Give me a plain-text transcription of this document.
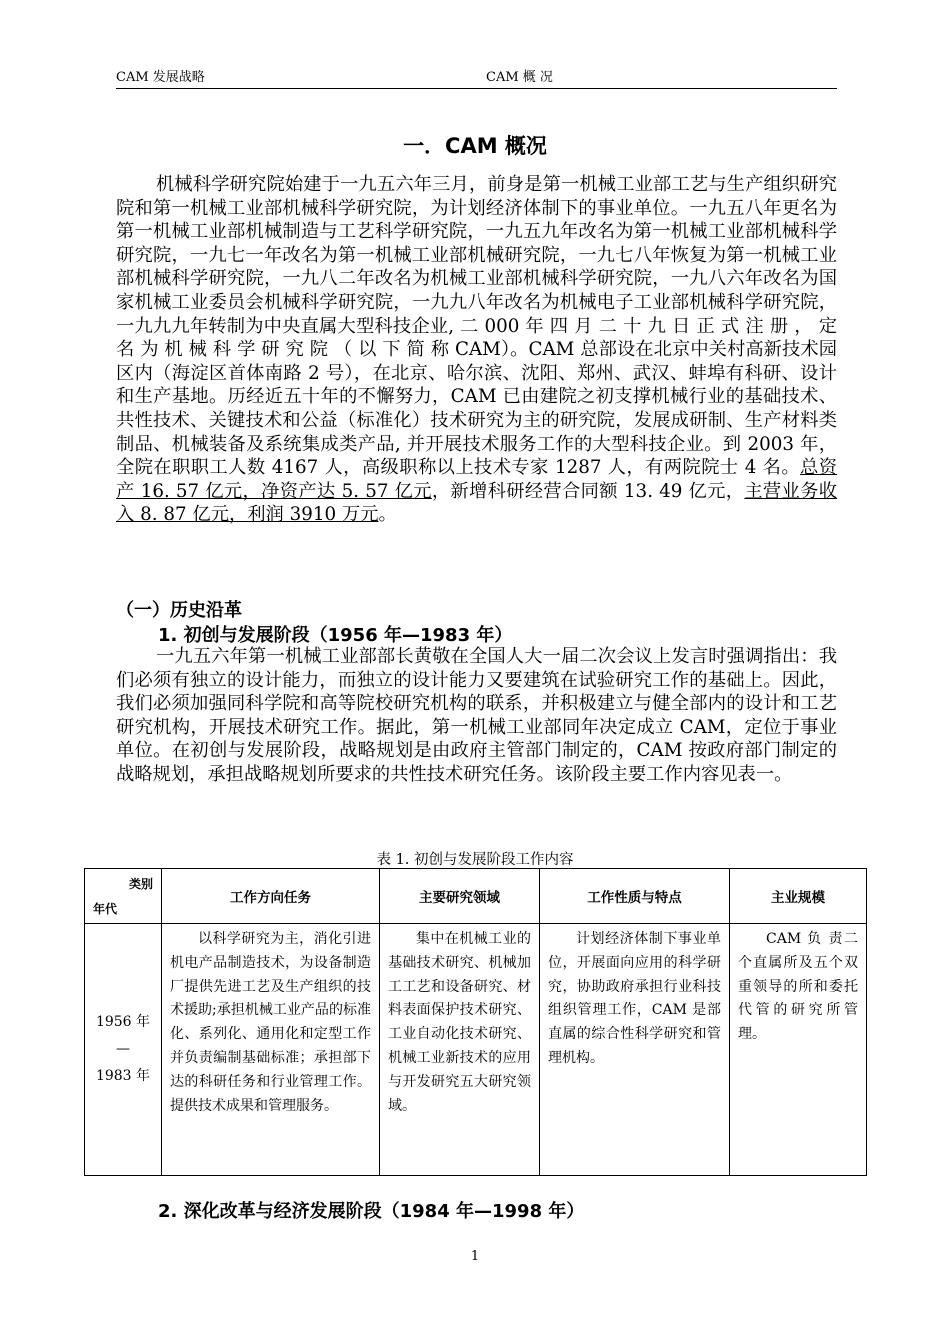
CAM 发展战略	CAM 概 况
一．CAM 概况
机械科学研究院始建于一九五六年三月，前身是第一机械工业部工艺与生产组织研究院和第一机械工业部机械科学研究院，为计划经济体制下的事业单位。一九五八年更名为第一机械工业部机械制造与工艺科学研究院，一九五九年改名为第一机械工业部机械科学研究院，一九七一年改名为第一机械工业部机械研究院，一九七八年恢复为第一机械工业部机械科学研究院，一九八二年改名为机械工业部机械科学研究院，一九八六年改名为国家机械工业委员会机械科学研究院，一九九八年改名为机械电子工业部机械科学研究院，一九九九年转制为中央直属大型科技企业, 二 000 年 四 月 二 十 九 日 正 式 注 册 ， 定 名 为 机 械 科 学 研 究 院 （ 以 下 简 称 CAM）。CAM 总部设在北京中关村高新技术园区内（海淀区首体南路 2 号），在北京、哈尔滨、沈阳、郑州、武汉、蚌埠有科研、设计和生产基地。历经近五十年的不懈努力，CAM 已由建院之初支撑机械行业的基础技术、共性技术、关键技术和公益（标准化）技术研究为主的研究院，发展成研制、生产材料类制品、机械装备及系统集成类产品, 并开展技术服务工作的大型科技企业。到 2003 年，全院在职职工人数 4167 人，高级职称以上技术专家 1287 人，有两院院士 4 名。总资产 16. 57 亿元，净资产达 5. 57 亿元，新增科研经营合同额 13. 49 亿元，主营业务收入 8. 87 亿元，利润 3910 万元。
（一）历史沿革
1. 初创与发展阶段（1956 年—1983 年）
一九五六年第一机械工业部部长黄敬在全国人大一届二次会议上发言时强调指出：我们必须有独立的设计能力，而独立的设计能力又要建筑在试验研究工作的基础上。因此，我们必须加强同科学院和高等院校研究机构的联系，并积极建立与健全部内的设计和工艺研究机构，开展技术研究工作。据此，第一机械工业部同年决定成立 CAM，定位于事业单位。在初创与发展阶段，战略规划是由政府主管部门制定的，CAM 按政府部门制定的战略规划，承担战略规划所要求的共性技术研究任务。该阶段主要工作内容见表一。
表 1. 初创与发展阶段工作内容
类别
年代	工作方向任务	主要研究领域	工作性质与特点	主业规模

1956 年
—
1983 年	以科学研究为主，消化引进机电产品制造技术，为设备制造厂提供先进工艺及生产组织的技术援助;承担机械工业产品的标准化、系列化、通用化和定型工作并负责编制基础标准；承担部下达的科研任务和行业管理工作。提供技术成果和管理服务。	集中在机械工业的基础技术研究、机械加工工艺和设备研究、材料表面保护技术研究、工业自动化技术研究、机械工业新技术的应用与开发研究五大研究领域。	计划经济体制下事业单位，开展面向应用的科学研究，协助政府承担行业科技组织管理工作，CAM 是部直属的综合性科学研究和管理机构。	CAM 负 责二个直属所及五个双重领导的所和委托代管的研究所管理。
2. 深化改革与经济发展阶段（1984 年—1998 年）
1
